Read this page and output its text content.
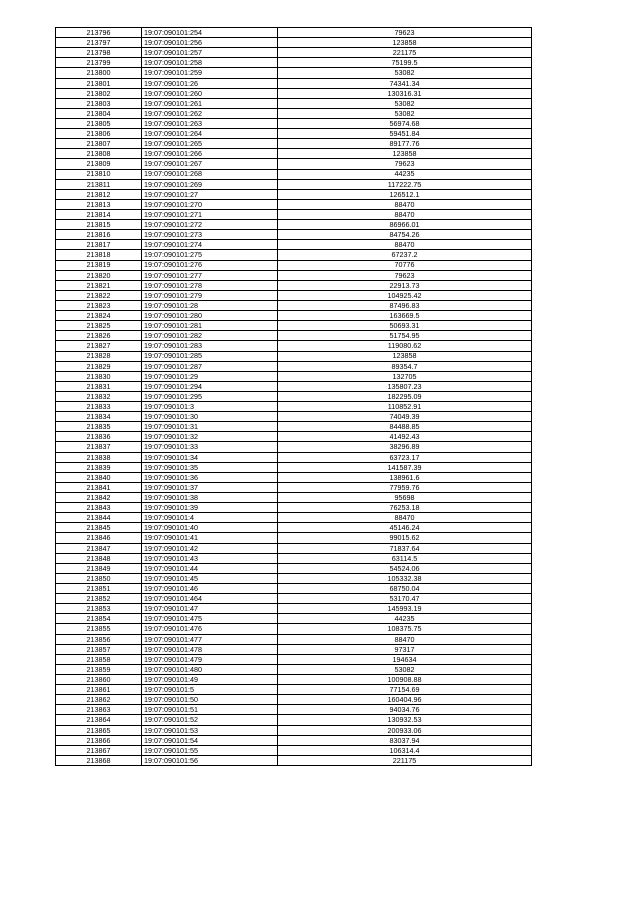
213796	19:07:090101:254	79623
213797	19:07:090101:256	123858
213798	19:07:090101:257	221175
213799	19:07:090101:258	75199.5
213800	19:07:090101:259	53082
213801	19:07:090101:26	74341.34
213802	19:07:090101:260	130316.31
213803	19:07:090101:261	53082
213804	19:07:090101:262	53082
213805	19:07:090101:263	56974.68
213806	19:07:090101:264	59451.84
213807	19:07:090101:265	89177.76
213808	19:07:090101:266	123858
213809	19:07:090101:267	79623
213810	19:07:090101:268	44235
213811	19:07:090101:269	117222.75
213812	19:07:090101:27	126512.1
213813	19:07:090101:270	88470
213814	19:07:090101:271	88470
213815	19:07:090101:272	86966.01
213816	19:07:090101:273	84754.26
213817	19:07:090101:274	88470
213818	19:07:090101:275	67237.2
213819	19:07:090101:276	70776
213820	19:07:090101:277	79623
213821	19:07:090101:278	22913.73
213822	19:07:090101:279	104925.42
213823	19:07:090101:28	87496.83
213824	19:07:090101:280	163669.5
213825	19:07:090101:281	50693.31
213826	19:07:090101:282	51754.95
213827	19:07:090101:283	119080.62
213828	19:07:090101:285	123858
213829	19:07:090101:287	89354.7
213830	19:07:090101:29	132705
213831	19:07:090101:294	135807.23
213832	19:07:090101:295	182295.09
213833	19:07:090101:3	110852.91
213834	19:07:090101:30	74049.39
213835	19:07:090101:31	84488.85
213836	19:07:090101:32	41492.43
213837	19:07:090101:33	38296.89
213838	19:07:090101:34	63723.17
213839	19:07:090101:35	141587.39
213840	19:07:090101:36	138961.6
213841	19:07:090101:37	77959.76
213842	19:07:090101:38	95698
213843	19:07:090101:39	76253.18
213844	19:07:090101:4	88470
213845	19:07:090101:40	45146.24
213846	19:07:090101:41	99015.62
213847	19:07:090101:42	71837.64
213848	19:07:090101:43	63114.5
213849	19:07:090101:44	54524.06
213850	19:07:090101:45	105332.38
213851	19:07:090101:46	68750.04
213852	19:07:090101:464	53170.47
213853	19:07:090101:47	145993.19
213854	19:07:090101:475	44235
213855	19:07:090101:476	108375.75
213856	19:07:090101:477	88470
213857	19:07:090101:478	97317
213858	19:07:090101:479	194634
213859	19:07:090101:480	53082
213860	19:07:090101:49	100908.88
213861	19:07:090101:5	77154.69
213862	19:07:090101:50	160404.96
213863	19:07:090101:51	94034.76
213864	19:07:090101:52	130932.53
213865	19:07:090101:53	200933.06
213866	19:07:090101:54	83037.94
213867	19:07:090101:55	106314.4
213868	19:07:090101:56	221175
